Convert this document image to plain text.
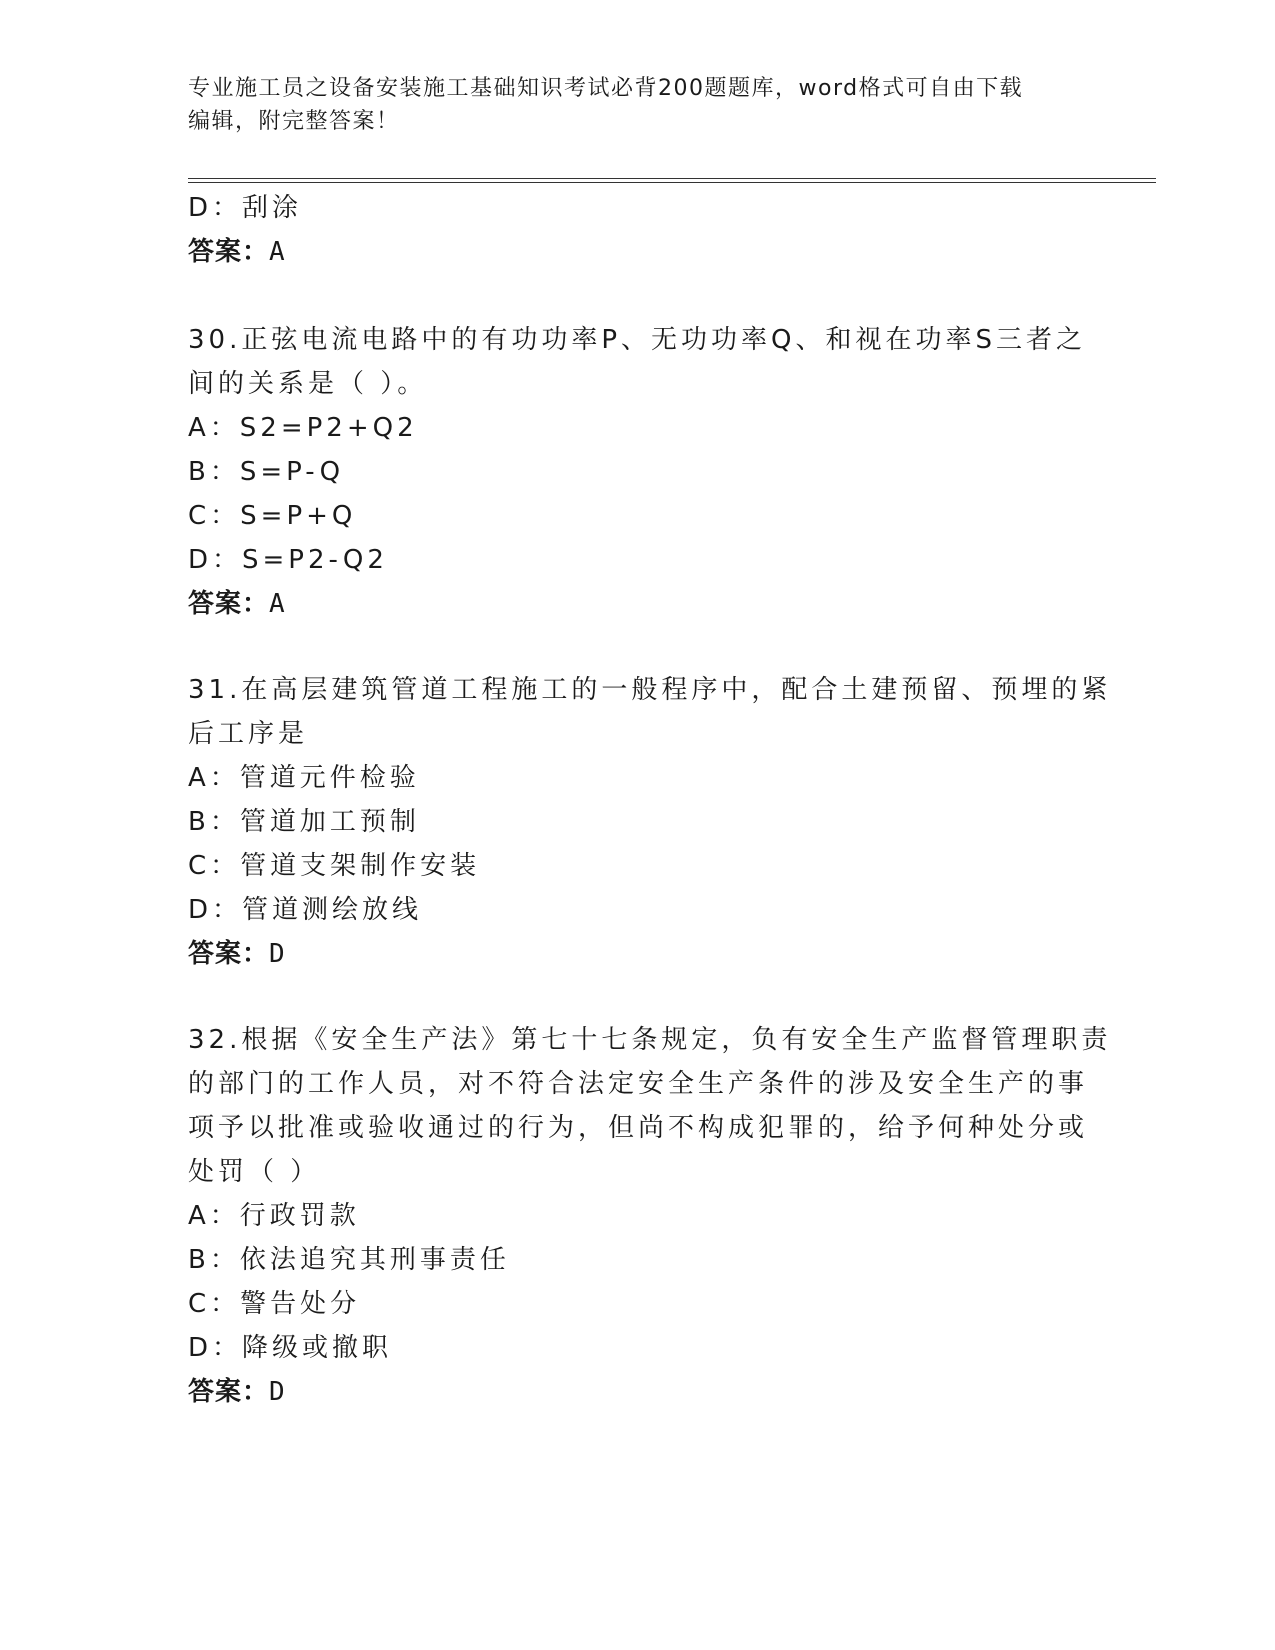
专业施工员之设备安装施工基础知识考试必背200题题库，word格式可自由下载
编辑，附完整答案！
D：刮涂
答案：A
30.正弦电流电路中的有功功率P、无功功率Q、和视在功率S三者之
间的关系是（ ）。
A：S2=P2+Q2
B：S=P-Q
C：S=P+Q
D：S=P2-Q2
答案：A
31.在高层建筑管道工程施工的一般程序中，配合土建预留、预埋的紧
后工序是
A：管道元件检验
B：管道加工预制
C：管道支架制作安装
D：管道测绘放线
答案：D
32.根据《安全生产法》第七十七条规定，负有安全生产监督管理职责
的部门的工作人员，对不符合法定安全生产条件的涉及安全生产的事
项予以批准或验收通过的行为，但尚不构成犯罪的，给予何种处分或
处罚（ ）
A：行政罚款
B：依法追究其刑事责任
C：警告处分
D：降级或撤职
答案：D
